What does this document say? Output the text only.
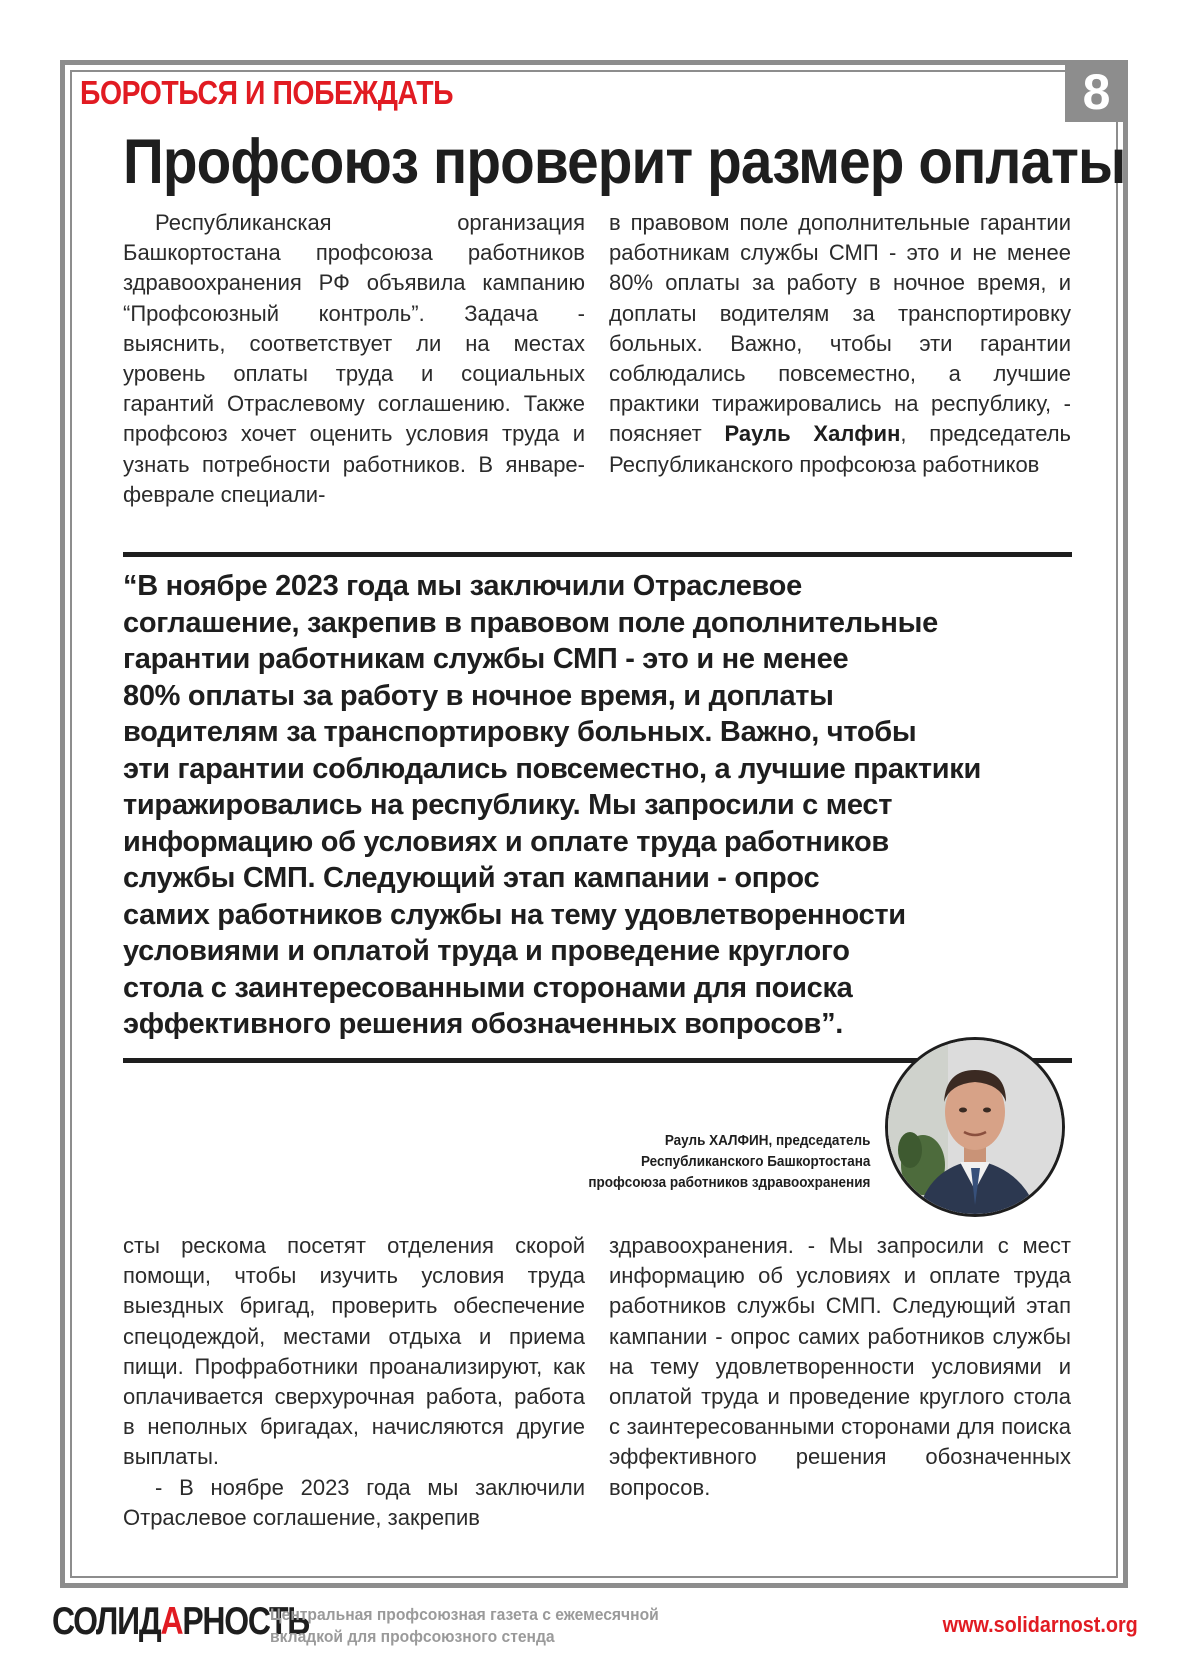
БОРОТЬСЯ И ПОБЕЖДАТЬ	8
Профсоюз проверит размер оплаты

Республиканская организация Башкортостана профсоюза работников здравоохранения РФ объявила кампанию “Профсоюзный контроль”. Задача - выяснить, соответствует ли на местах уровень оплаты труда и социальных гарантий Отраслевому соглашению. Также профсоюз хочет оценить условия труда и узнать потребности работников. В январе-феврале специали-

в правовом поле дополнительные гарантии работникам службы СМП - это и не менее 80% оплаты за работу в ночное время, и доплаты водителям за транспортировку больных. Важно, чтобы эти гарантии соблюдались повсеместно, а лучшие практики тиражировались на республику, - поясняет Рауль Халфин, председатель Республиканского профсоюза работников

“В ноябре 2023 года мы заключили Отраслевое
соглашение, закрепив в правовом поле дополнительные
гарантии работникам службы СМП - это и не менее
80% оплаты за работу в ночное время, и доплаты
водителям за транспортировку больных. Важно, чтобы
эти гарантии соблюдались повсеместно, а лучшие практики
тиражировались на республику. Мы запросили с мест
информацию об условиях и оплате труда работников
службы СМП. Следующий этап кампании - опрос
самих работников службы на тему удовлетворенности
условиями и оплатой труда и проведение круглого
стола с заинтересованными сторонами для поиска
эффективного решения обозначенных вопросов”.
Рауль ХАЛФИН, председатель
Республиканского Башкортостана
профсоюза работников здравоохранения

сты рескома посетят отделения скорой помощи, чтобы изучить условия труда выездных бригад, проверить обеспечение спецодеждой, местами отдыха и приема пищи. Профработники проанализируют, как оплачивается сверхурочная работа, работа в неполных бригадах, начисляются другие выплаты.

- В ноябре 2023 года мы заключили Отраслевое соглашение, закрепив

здравоохранения. - Мы запросили с мест информацию об условиях и оплате труда работников службы СМП. Следующий этап кампании - опрос самих работников службы на тему удовлетворенности условиями и оплатой труда и проведение круглого стола с заинтересованными сторонами для поиска эффективного решения обозначенных вопросов.

СОЛИДАРНОСТЬ
Центральная профсоюзная газета с ежемесячной
вкладкой для профсоюзного стенда	www.solidarnost.org
